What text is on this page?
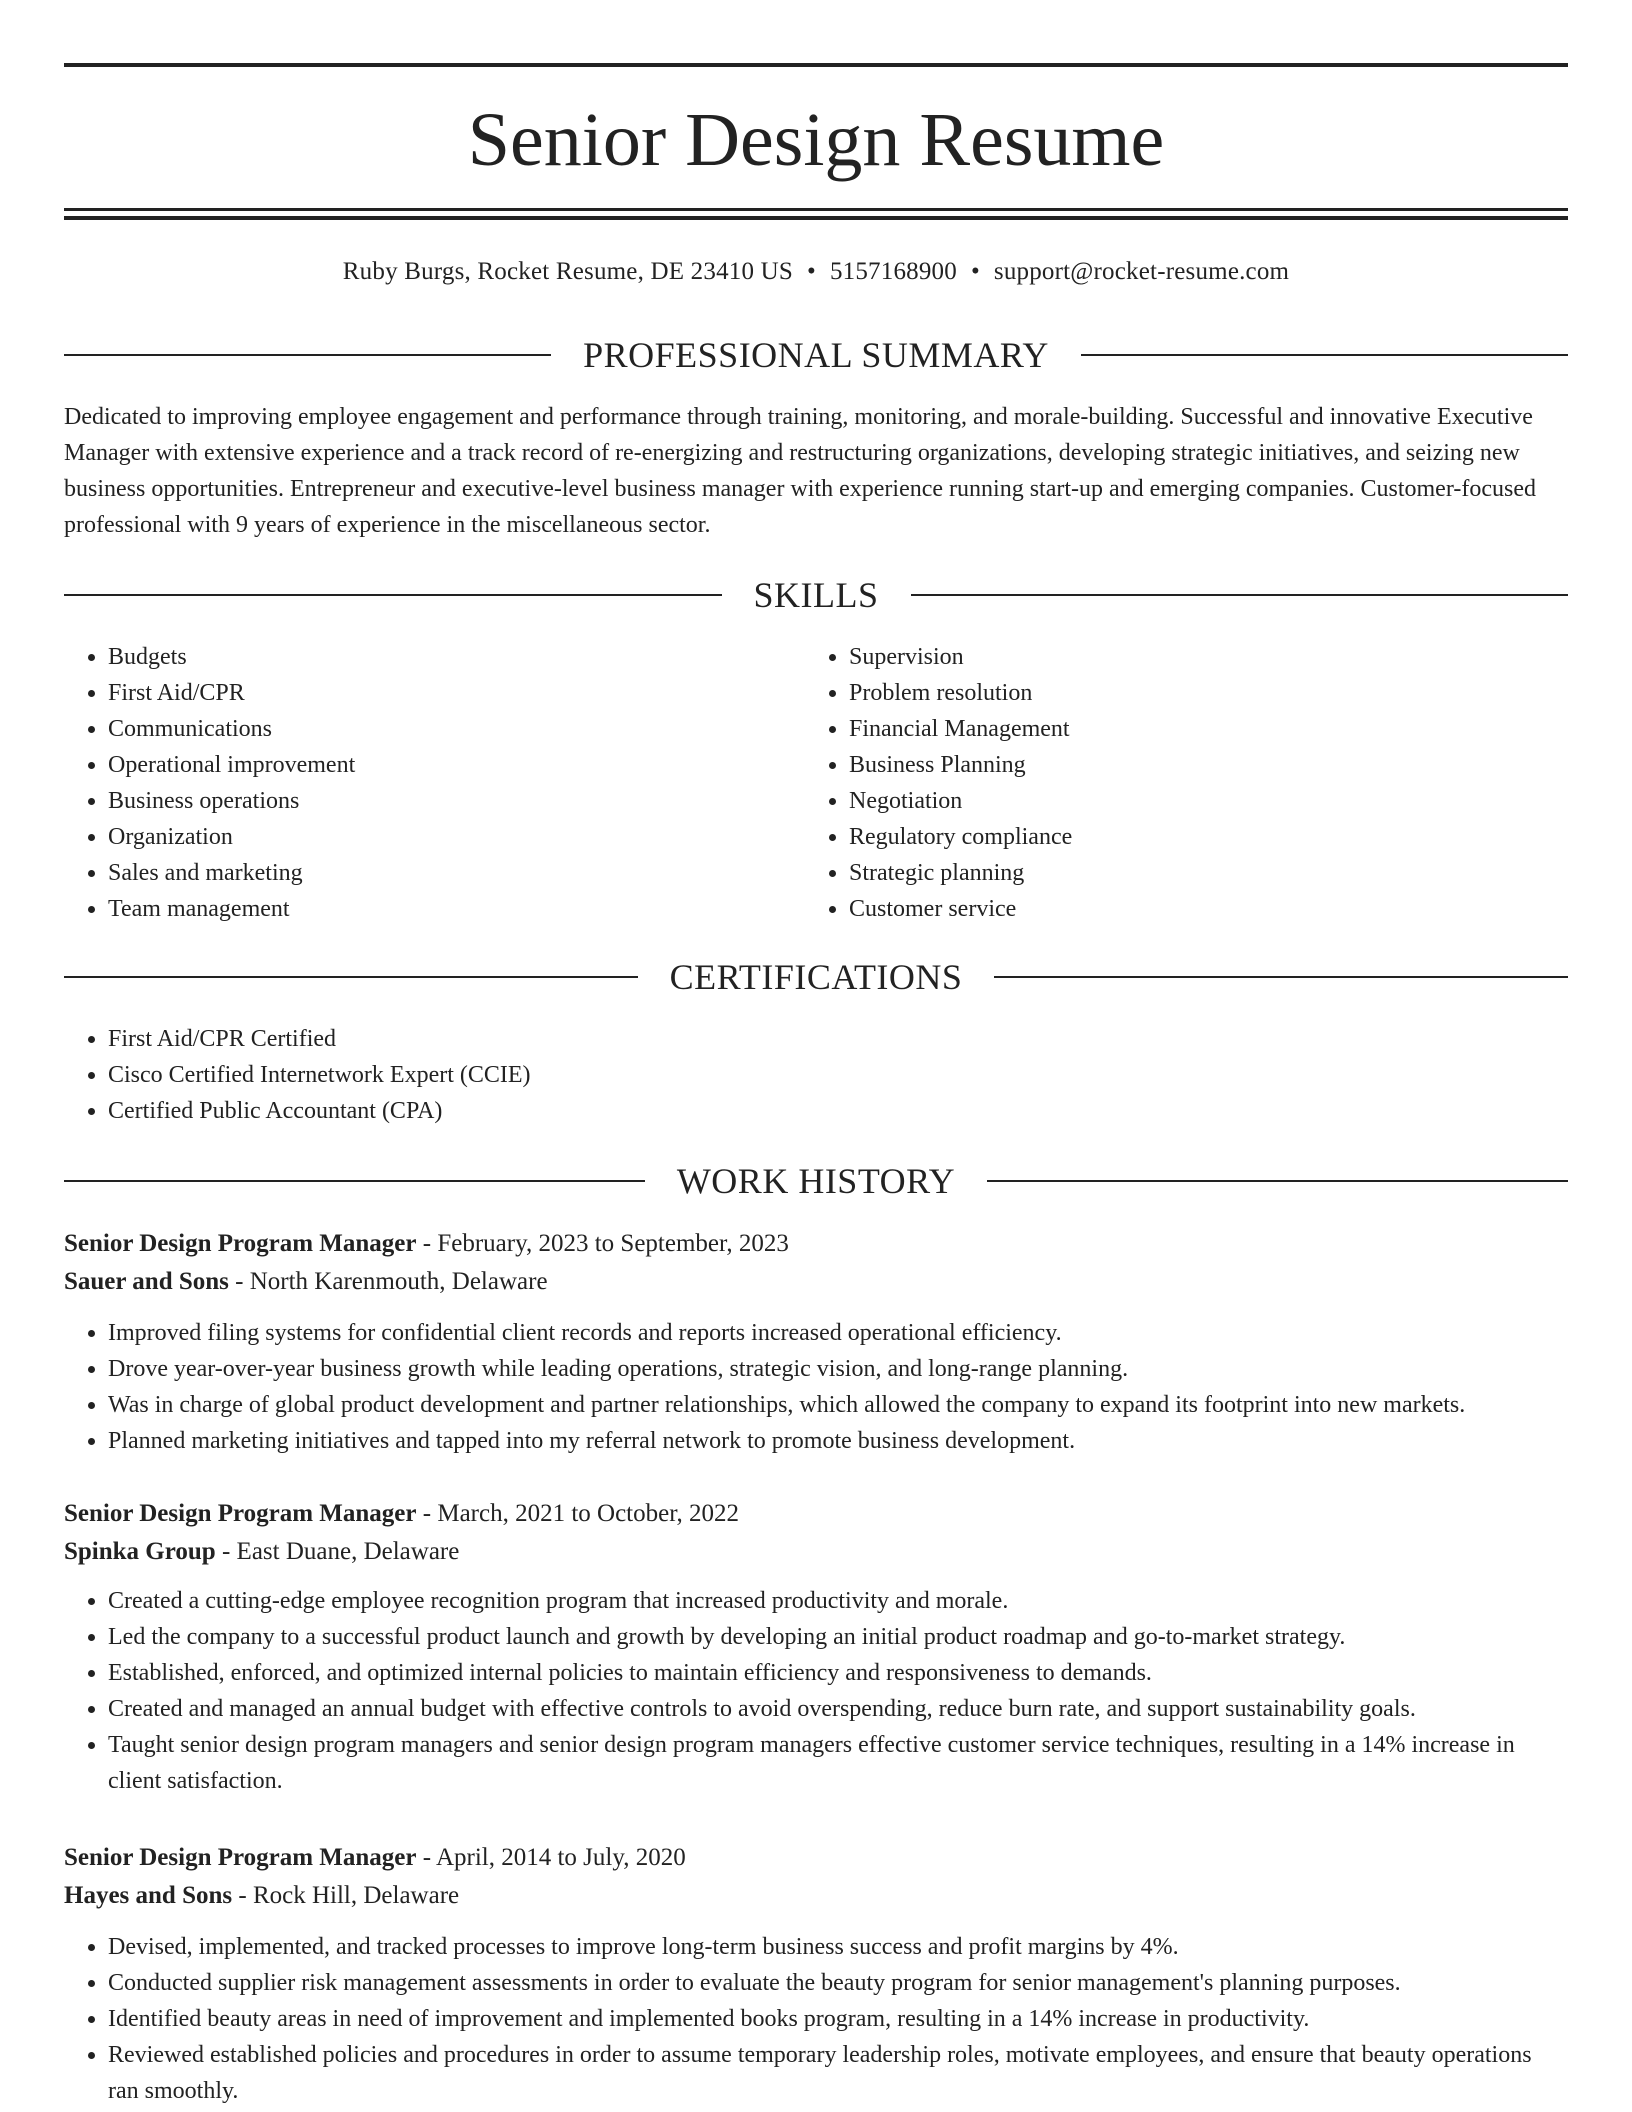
Senior Design Resume
Ruby Burgs, Rocket Resume, DE 23410 US • 5157168900 • support@rocket-resume.com
PROFESSIONAL SUMMARY

Dedicated to improving employee engagement and performance through training, monitoring, and morale-building. Successful and innovative Executive Manager with extensive experience and a track record of re-energizing and restructuring organizations, developing strategic initiatives, and seizing new business opportunities. Entrepreneur and executive-level business manager with experience running start-up and emerging companies. Customer-focused professional with 9 years of experience in the miscellaneous sector.

SKILLS
• Budgets
• First Aid/CPR
• Communications
• Operational improvement
• Business operations
• Organization
• Sales and marketing
• Team management
• Supervision
• Problem resolution
• Financial Management
• Business Planning
• Negotiation
• Regulatory compliance
• Strategic planning
• Customer service
CERTIFICATIONS
• First Aid/CPR Certified
• Cisco Certified Internetwork Expert (CCIE)
• Certified Public Accountant (CPA)
WORK HISTORY
Senior Design Program Manager - February, 2023 to September, 2023
Sauer and Sons - North Karenmouth, Delaware
• Improved filing systems for confidential client records and reports increased operational efficiency.
• Drove year-over-year business growth while leading operations, strategic vision, and long-range planning.
• Was in charge of global product development and partner relationships, which allowed the company to expand its footprint into new markets.
• Planned marketing initiatives and tapped into my referral network to promote business development.
Senior Design Program Manager - March, 2021 to October, 2022
Spinka Group - East Duane, Delaware
• Created a cutting-edge employee recognition program that increased productivity and morale.
• Led the company to a successful product launch and growth by developing an initial product roadmap and go-to-market strategy.
• Established, enforced, and optimized internal policies to maintain efficiency and responsiveness to demands.
• Created and managed an annual budget with effective controls to avoid overspending, reduce burn rate, and support sustainability goals.
• Taught senior design program managers and senior design program managers effective customer service techniques, resulting in a 14% increase in client satisfaction.
Senior Design Program Manager - April, 2014 to July, 2020
Hayes and Sons - Rock Hill, Delaware
• Devised, implemented, and tracked processes to improve long-term business success and profit margins by 4%.
• Conducted supplier risk management assessments in order to evaluate the beauty program for senior management's planning purposes.
• Identified beauty areas in need of improvement and implemented books program, resulting in a 14% increase in productivity.
• Reviewed established policies and procedures in order to assume temporary leadership roles, motivate employees, and ensure that beauty operations ran smoothly.
